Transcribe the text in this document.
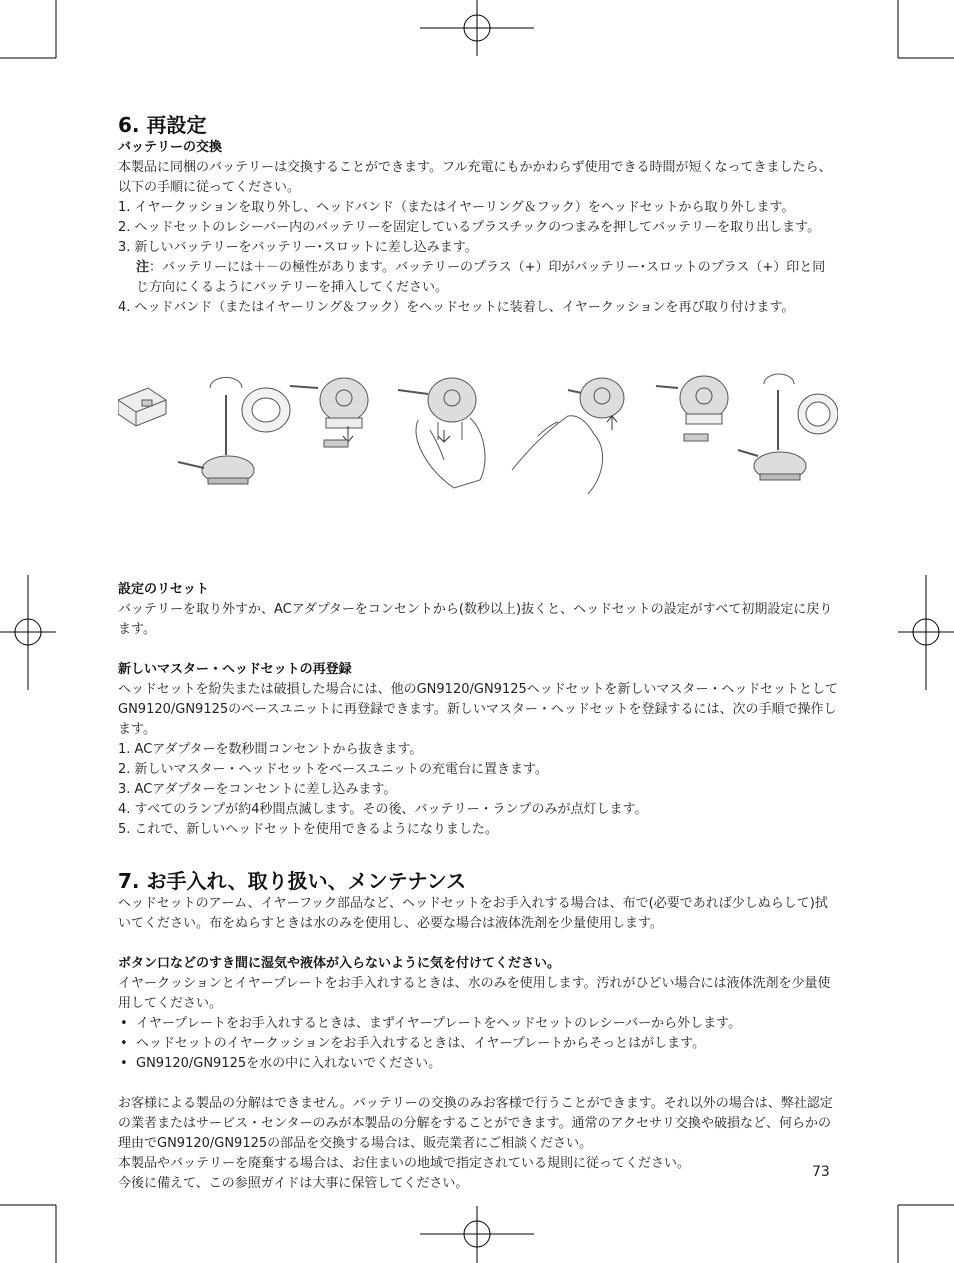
6. 再設定
バッテリーの交換

本製品に同梱のバッテリーは交換することができます。フル充電にもかかわらず使用できる時間が短くなってきましたら、以下の手順に従ってください。

1. イヤークッションを取り外し、ヘッドバンド（またはイヤーリング＆フック）をヘッドセットから取り外します。
2. ヘッドセットのレシーバー内のバッテリーを固定しているプラスチックのつまみを押してバッテリーを取り出します。
3. 新しいバッテリーをバッテリー･スロットに差し込みます。
注：バッテリーには＋－の極性があります。バッテリーのプラス（+）印がバッテリー･スロットのプラス（+）印と同じ方向にくるようにバッテリーを挿入してください。
4. ヘッドバンド（またはイヤーリング＆フック）をヘッドセットに装着し、イヤークッションを再び取り付けます。
設定のリセット

バッテリーを取り外すか、ACアダプターをコンセントから(数秒以上)抜くと、ヘッドセットの設定がすべて初期設定に戻ります。

新しいマスター・ヘッドセットの再登録

ヘッドセットを紛失または破損した場合には、他のGN9120/GN9125ヘッドセットを新しいマスター・ヘッドセットとしてGN9120/GN9125のベースユニットに再登録できます。新しいマスター・ヘッドセットを登録するには、次の手順で操作します。

1. ACアダプターを数秒間コンセントから抜きます。
2. 新しいマスター・ヘッドセットをベースユニットの充電台に置きます。
3. ACアダプターをコンセントに差し込みます。
4. すべてのランプが約4秒間点滅します。その後、バッテリー・ランプのみが点灯します。
5. これで、新しいヘッドセットを使用できるようになりました。
7. お手入れ、取り扱い、メンテナンス

ヘッドセットのアーム、イヤーフック部品など、ヘッドセットをお手入れする場合は、布で(必要であれば少しぬらして)拭いてください。布をぬらすときは水のみを使用し、必要な場合は液体洗剤を少量使用します。

ボタン口などのすき間に湿気や液体が入らないように気を付けてください。

イヤークッションとイヤープレートをお手入れするときは、水のみを使用します。汚れがひどい場合には液体洗剤を少量使用してください。

• イヤープレートをお手入れするときは、まずイヤープレートをヘッドセットのレシーバーから外します。
• ヘッドセットのイヤークッションをお手入れするときは、イヤープレートからそっとはがします。
• GN9120/GN9125を水の中に入れないでください。

お客様による製品の分解はできません。バッテリーの交換のみお客様で行うことができます。それ以外の場合は、弊社認定の業者またはサービス・センターのみが本製品の分解をすることができます。通常のアクセサリ交換や破損など、何らかの理由でGN9120/GN9125の部品を交換する場合は、販売業者にご相談ください。

本製品やバッテリーを廃棄する場合は、お住まいの地域で指定されている規則に従ってください。

今後に備えて、この参照ガイドは大事に保管してください。

73
